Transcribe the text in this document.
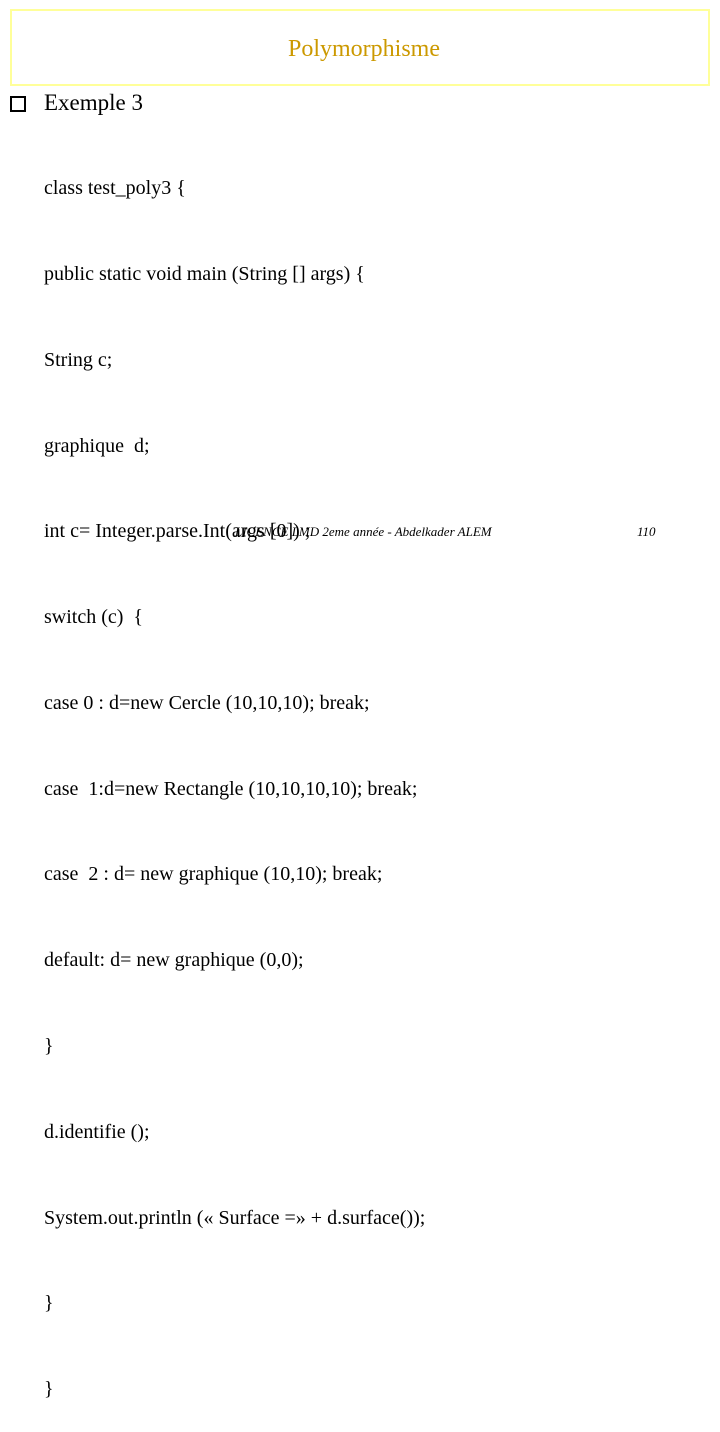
Polymorphisme
Exemple 3

class test_poly3 {

public static void main (String [] args) {

String c;

graphique  d;

int c= Integer.parse.Int(args [0]) ;

switch (c)  {

case 0 : d=new Cercle (10,10,10); break;

case  1:d=new Rectangle (10,10,10,10); break;

case  2 : d= new graphique (10,10); break;

default: d= new graphique (0,0);

}

d.identifie ();

System.out.println (« Surface =» + d.surface());

}

}

LICENCE LMD 2eme année - Abdelkader ALEM	110
